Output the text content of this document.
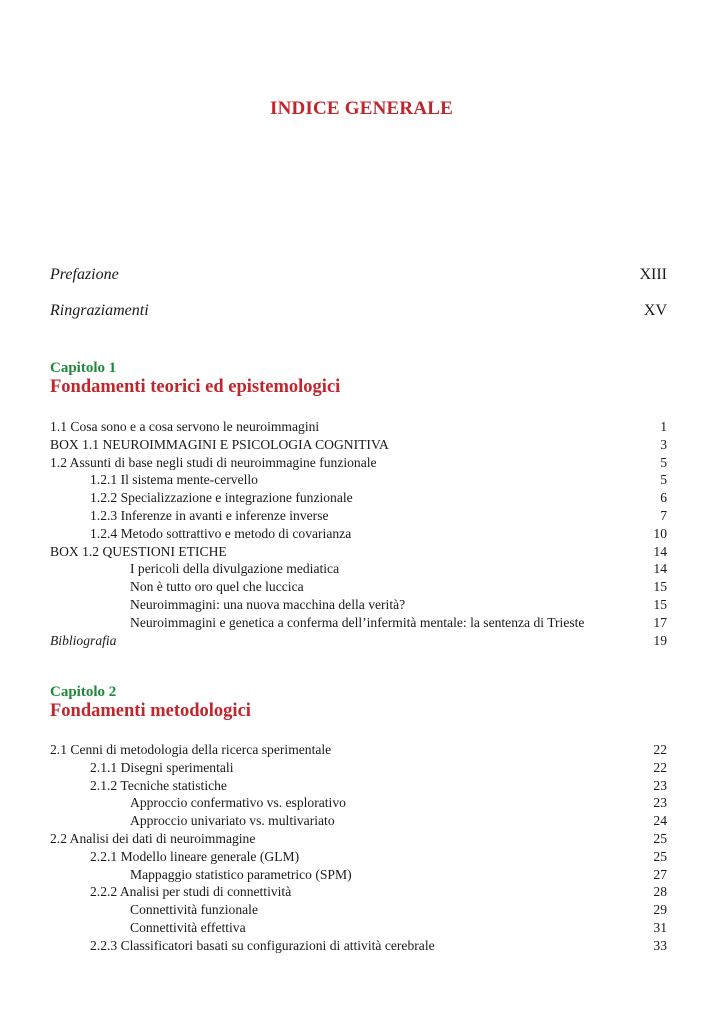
INDICE GENERALE
Prefazione	XIII
Ringraziamenti	XV
Capitolo 1
Fondamenti teorici ed epistemologici
1.1 Cosa sono e a cosa servono le neuroimmagini	1
BOX 1.1 NEUROIMMAGINI E PSICOLOGIA COGNITIVA	3
1.2 Assunti di base negli studi di neuroimmagine funzionale	5
1.2.1 Il sistema mente-cervello	5
1.2.2 Specializzazione e integrazione funzionale	6
1.2.3 Inferenze in avanti e inferenze inverse	7
1.2.4 Metodo sottrattivo e metodo di covarianza	10
BOX 1.2 QUESTIONI ETICHE	14
I pericoli della divulgazione mediatica	14
Non è tutto oro quel che luccica	15
Neuroimmagini: una nuova macchina della verità?	15
Neuroimmagini e genetica a conferma dell’infermità mentale: la sentenza di Trieste	17
Bibliografia	19
Capitolo 2
Fondamenti metodologici
2.1 Cenni di metodologia della ricerca sperimentale	22
2.1.1 Disegni sperimentali	22
2.1.2 Tecniche statistiche	23
Approccio confermativo vs. esplorativo	23
Approccio univariato vs. multivariato	24
2.2 Analisi dei dati di neuroimmagine	25
2.2.1 Modello lineare generale (GLM)	25
Mappaggio statistico parametrico (SPM)	27
2.2.2 Analisi per studi di connettività	28
Connettività funzionale	29
Connettività effettiva	31
2.2.3 Classificatori basati su configurazioni di attività cerebrale	33
